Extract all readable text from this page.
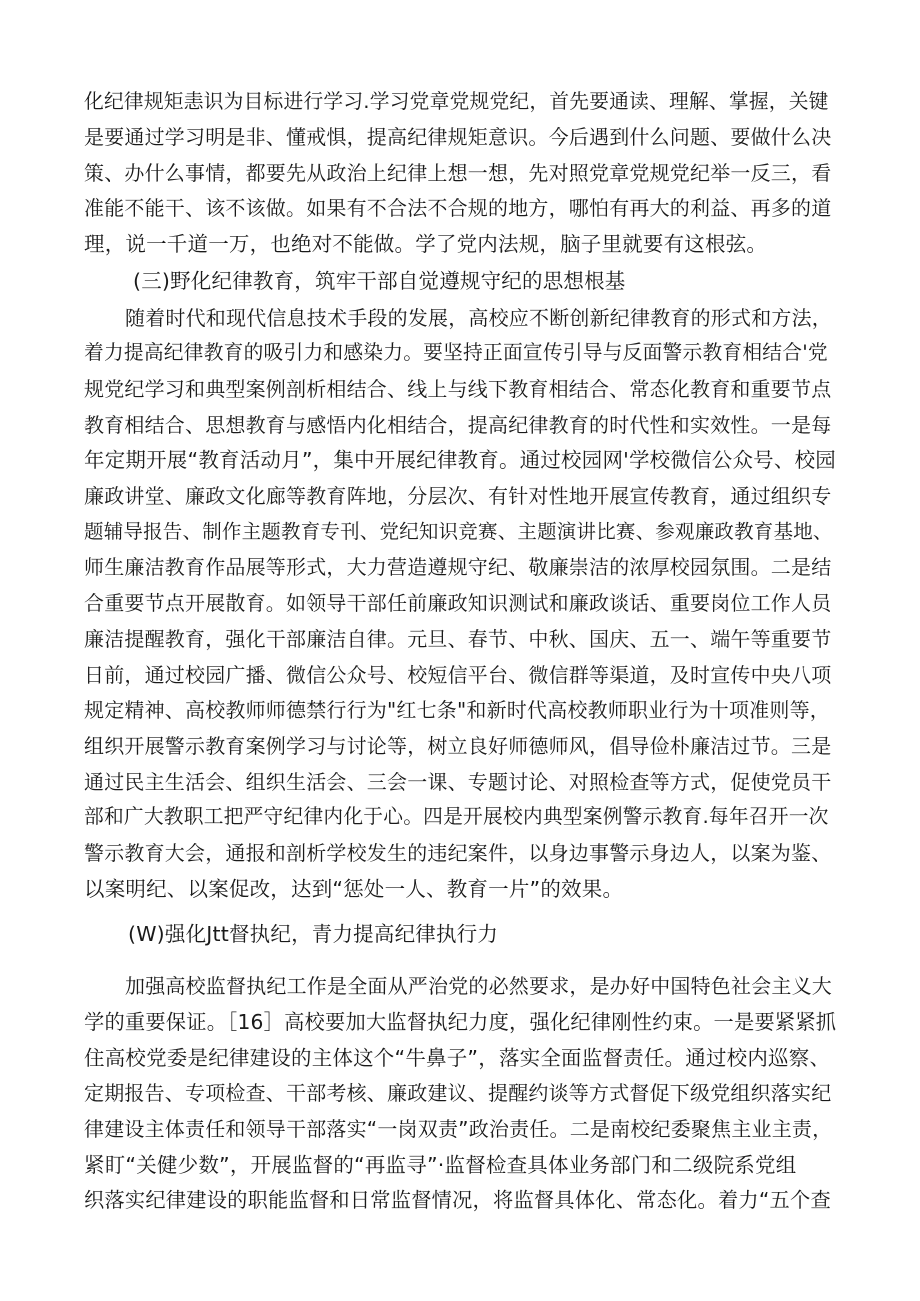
化纪律规矩恚识为目标进行学习.学习党章党规党纪，首先要通读、理解、掌握，关键
是要通过学习明是非、懂戒惧，提高纪律规矩意识。今后遇到什么问题、要做什么决
策、办什么事情，都要先从政治上纪律上想一想，先对照党章党规党纪举一反三，看
准能不能干、该不该做。如果有不合法不合规的地方，哪怕有再大的利益、再多的道
理，说一千道一万，也绝对不能做。学了党内法规，脑子里就要有这根弦。
(三)野化纪律教育，筑牢干部自觉遵规守纪的思想根基
随着时代和现代信息技术手段的发展，高校应不断创新纪律教育的形式和方法，
着力提高纪律教育的吸引力和感染力。要坚持正面宣传引导与反面警示教育相结合'党
规党纪学习和典型案例剖析相结合、线上与线下教育相结合、常态化教育和重要节点
教育相结合、思想教育与感悟内化相结合，提高纪律教育的时代性和实效性。一是每
年定期开展“教育活动月”，集中开展纪律教育。通过校园网'学校微信公众号、校园
廉政讲堂、廉政文化廊等教育阵地，分层次、有针对性地开展宣传教育，通过组织专
题辅导报告、制作主题教育专刊、党纪知识竞赛、主题演讲比赛、参观廉政教育基地、
师生廉洁教育作品展等形式，大力营造遵规守纪、敬廉崇洁的浓厚校园氛围。二是结
合重要节点开展散育。如领导干部任前廉政知识测试和廉政谈话、重要岗位工作人员
廉洁提醒教育，强化干部廉洁自律。元旦、春节、中秋、国庆、五一、端午等重要节
日前，通过校园广播、微信公众号、校短信平台、微信群等渠道，及时宣传中央八项
规定精神、高校教师师德禁行行为"红七条"和新时代高校教师职业行为十项准则等，
组织开展警示教育案例学习与讨论等，树立良好师德师风，倡导俭朴廉洁过节。三是
通过民主生活会、组织生活会、三会一课、专题讨论、对照检查等方式，促使党员干
部和广大教职工把严守纪律内化于心。四是开展校内典型案例警示教育.每年召开一次
警示教育大会，通报和剖析学校发生的违纪案件，以身边事警示身边人，以案为鉴、
以案明纪、以案促改，达到“惩处一人、教育一片”的效果。
(W)强化Jtt督执纪，青力提高纪律执行力
加强高校监督执纪工作是全面从严治党的必然要求，是办好中国特色社会主义大
学的重要保证。［16］高校要加大监督执纪力度，强化纪律刚性约束。一是要紧紧抓
住高校党委是纪律建设的主体这个“牛鼻子”，落实全面监督责任。通过校内巡察、
定期报告、专项检查、干部考核、廉政建议、提醒约谈等方式督促下级党组织落实纪
律建设主体责任和领导干部落实“一岗双责”政治责任。二是南校纪委聚焦主业主责，
紧盯“关健少数”，开展监督的“再监寻”·监督检查具体业务部门和二级院系党组
织落实纪律建设的职能监督和日常监督情况，将监督具体化、常态化。着力“五个查
